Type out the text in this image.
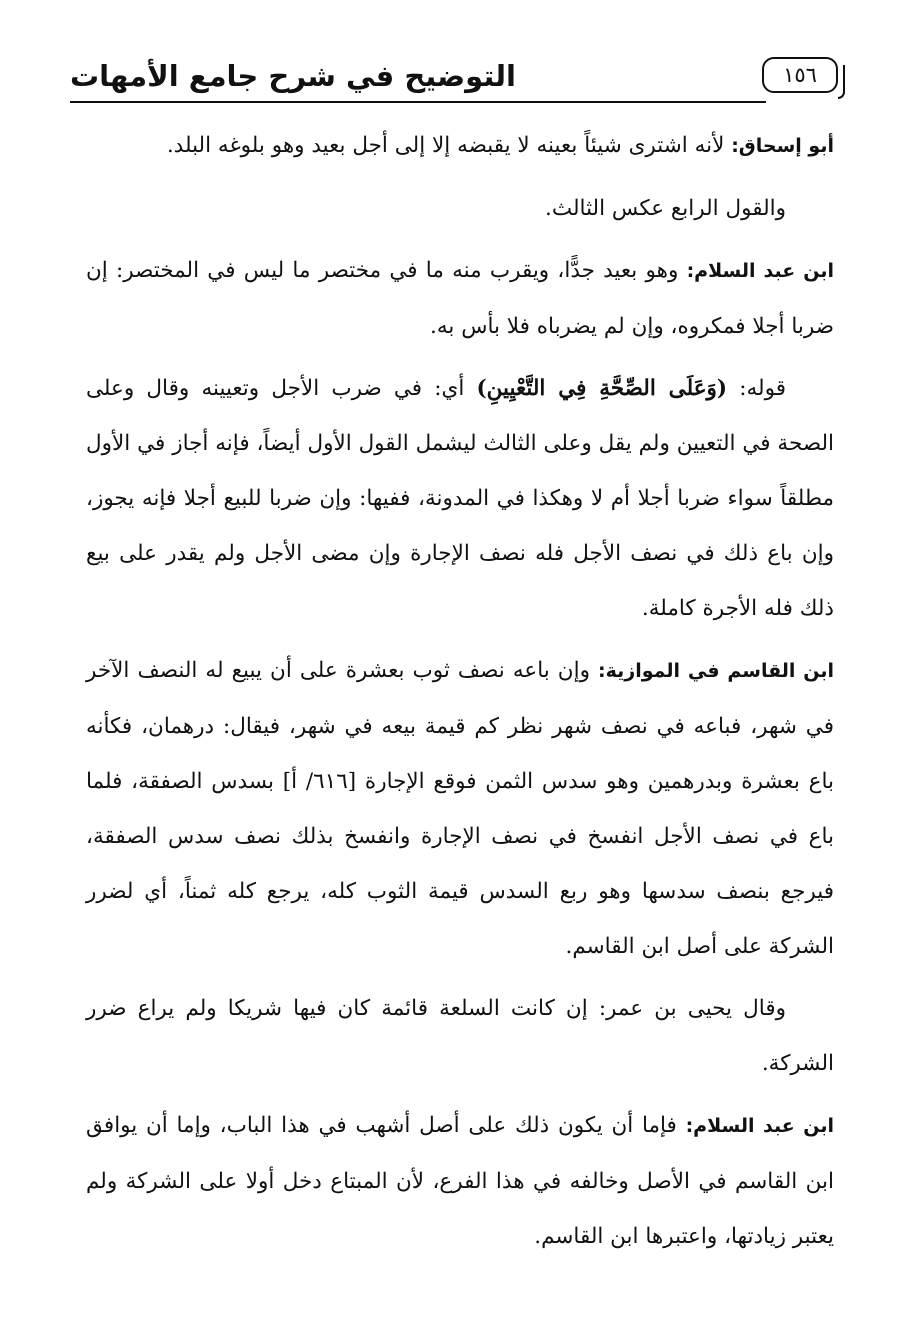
التوضيح في شرح جامع الأمهات	١٥٦

أبو إسحاق: لأنه اشترى شيئاً بعينه لا يقبضه إلا إلى أجل بعيد وهو بلوغه البلد.

والقول الرابع عكس الثالث.

ابن عبد السلام: وهو بعيد جدًّا، ويقرب منه ما في مختصر ما ليس في المختصر: إن ضربا أجلا فمكروه، وإن لم يضرباه فلا بأس به.

قوله: (وَعَلَى الصِّحَّةِ فِي التَّعْيِينِ) أي: في ضرب الأجل وتعيينه وقال وعلى الصحة في التعيين ولم يقل وعلى الثالث ليشمل القول الأول أيضاً، فإنه أجاز في الأول مطلقاً سواء ضربا أجلا أم لا وهكذا في المدونة، ففيها: وإن ضربا للبيع أجلا فإنه يجوز، وإن باع ذلك في نصف الأجل فله نصف الإجارة وإن مضى الأجل ولم يقدر على بيع ذلك فله الأجرة كاملة.

ابن القاسم في الموازية: وإن باعه نصف ثوب بعشرة على أن يبيع له النصف الآخر في شهر، فباعه في نصف شهر نظر كم قيمة بيعه في شهر، فيقال: درهمان، فكأنه باع بعشرة وبدرهمين وهو سدس الثمن فوقع الإجارة [٦١٦/ أ] بسدس الصفقة، فلما باع في نصف الأجل انفسخ في نصف الإجارة وانفسخ بذلك نصف سدس الصفقة، فيرجع بنصف سدسها وهو ربع السدس قيمة الثوب كله، يرجع كله ثمناً، أي لضرر الشركة على أصل ابن القاسم.

وقال يحيى بن عمر: إن كانت السلعة قائمة كان فيها شريكا ولم يراع ضرر الشركة.

ابن عبد السلام: فإما أن يكون ذلك على أصل أشهب في هذا الباب، وإما أن يوافق ابن القاسم في الأصل وخالفه في هذا الفرع، لأن المبتاع دخل أولا على الشركة ولم يعتبر زيادتها، واعتبرها ابن القاسم.
